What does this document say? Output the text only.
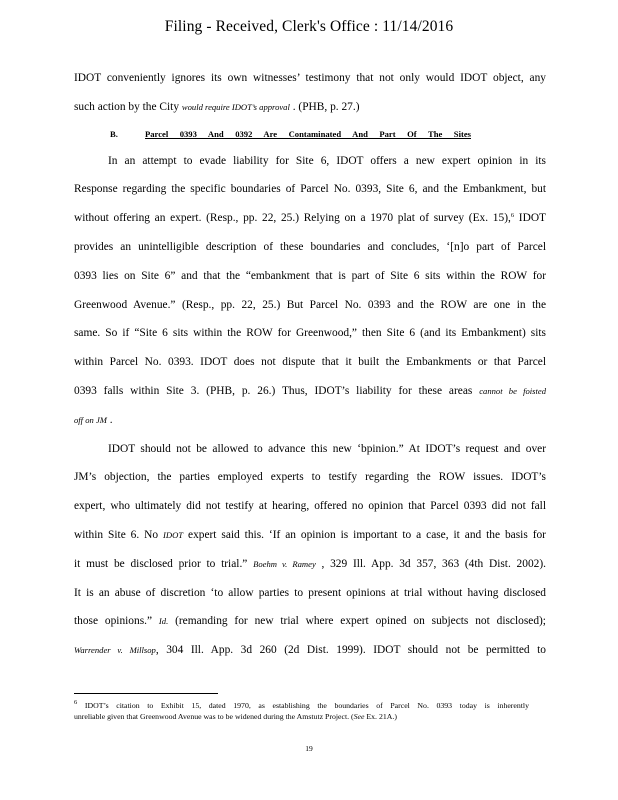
Filing - Received, Clerk's Office : 11/14/2016

IDOT conveniently ignores its own witnesses’ testimony that not only would IDOT object, any

such action by the City would require IDOT’s approval . (PHB, p. 27.)

B.	Parcel 0393 And 0392 Are Contaminated And Part Of The Sites

In an attempt to evade liability for Site 6, IDOT offers a new expert opinion in its

Response regarding the specific boundaries of Parcel No. 0393, Site 6, and the Embankment, but

without offering an expert. (Resp., pp. 22, 25.) Relying on a 1970 plat of survey (Ex. 15),$^6$ IDOT

provides an unintelligible description of these boundaries and concludes, ‘[n]o part of Parcel

0393 lies on Site 6” and that the “embankment that is part of Site 6 sits within the ROW for

Greenwood Avenue.” (Resp., pp. 22, 25.) But Parcel No. 0393 and the ROW are one in the

same. So if “Site 6 sits within the ROW for Greenwood,” then Site 6 (and its Embankment) sits

within Parcel No. 0393. IDOT does not dispute that it built the Embankments or that Parcel

0393 falls within Site 3. (PHB, p. 26.) Thus, IDOT’s liability for these areas cannot be foisted

off on JM .

IDOT should not be allowed to advance this new ‘bpinion.” At IDOT’s request and over

JM’s objection, the parties employed experts to testify regarding the ROW issues. IDOT’s

expert, who ultimately did not testify at hearing, offered no opinion that Parcel 0393 did not fall

within Site 6. No IDOT expert said this. ‘If an opinion is important to a case, it and the basis for

it must be disclosed prior to trial.” Boehm v. Ramey , 329 Ill. App. 3d 357, 363 (4th Dist. 2002).

It is an abuse of discretion ‘to allow parties to present opinions at trial without having disclosed

those opinions.” Id. (remanding for new trial where expert opined on subjects not disclosed);

Warrender v. Millsop, 304 Ill. App. 3d 260 (2d Dist. 1999). IDOT should not be permitted to

$^6$ IDOT’s citation to Exhibit 15, dated 1970, as establishing the boundaries of Parcel No. 0393 today is inherently
unreliable given that Greenwood Avenue was to be widened during the Amstutz Project. (See Ex. 21A.)
19
